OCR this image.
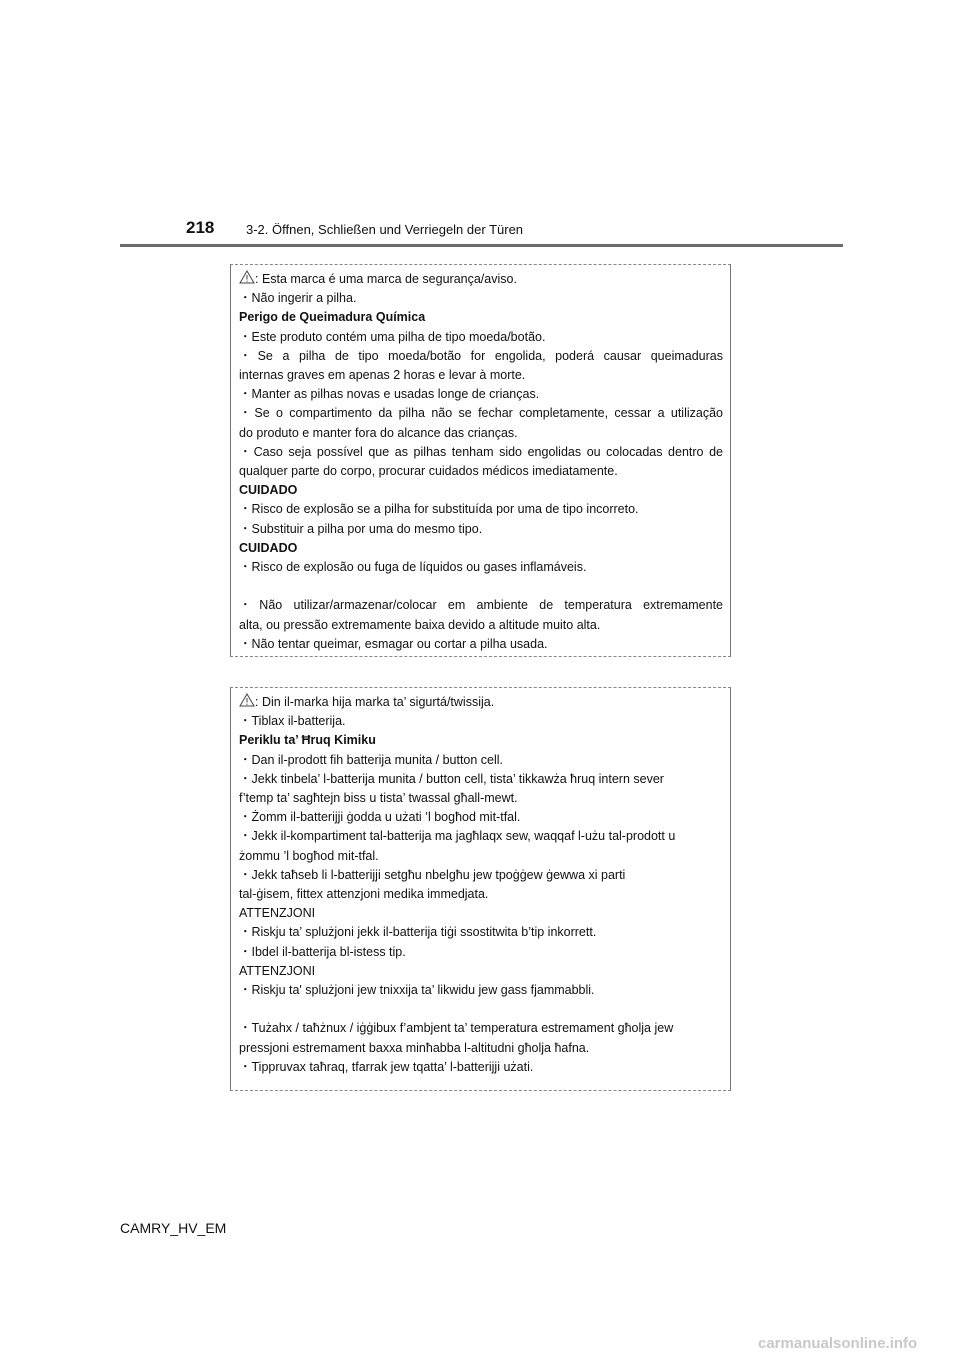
218 3-2. Öffnen, Schließen und Verriegeln der Türen
: Esta marca é uma marca de segurança/aviso.
・Não ingerir a pilha.
Perigo de Queimadura Química
・Este produto contém uma pilha de tipo moeda/botão.
・Se a pilha de tipo moeda/botão for engolida, poderá causar queimaduras
internas graves em apenas 2 horas e levar à morte.
・Manter as pilhas novas e usadas longe de crianças.
・Se o compartimento da pilha não se fechar completamente, cessar a utilização
do produto e manter fora do alcance das crianças.
・Caso seja possível que as pilhas tenham sido engolidas ou colocadas dentro de
qualquer parte do corpo, procurar cuidados médicos imediatamente.
CUIDADO
・Risco de explosão se a pilha for substituída por uma de tipo incorreto.
・Substituir a pilha por uma do mesmo tipo.
CUIDADO
・Risco de explosão ou fuga de líquidos ou gases inflamáveis.
・Não utilizar/armazenar/colocar em ambiente de temperatura extremamente
alta, ou pressão extremamente baixa devido a altitude muito alta.
・Não tentar queimar, esmagar ou cortar a pilha usada.
: Din il-marka hija marka ta’ sigurtá/twissija.
・Tiblax il-batterija.
Periklu ta’ Ħruq Kimiku
・Dan il-prodott fih batterija munita / button cell.
・Jekk tinbela’ l-batterija munita / button cell, tista’ tikkawża ħruq intern sever
f’temp ta’ sagħtejn biss u tista’ twassal għall-mewt.
・Żomm il-batterijji ġodda u użati ’l bogħod mit-tfal.
・Jekk il-kompartiment tal-batterija ma jagħlaqx sew, waqqaf l-użu tal-prodott u
żommu ’l bogħod mit-tfal.
・Jekk taħseb li l-batterijji setgħu nbelgħu jew tpoġġew ġewwa xi parti
tal-ġisem, fittex attenzjoni medika immedjata.
ATTENZJONI
・Riskju ta’ splużjoni jekk il-batterija tiġi ssostitwita b’tip inkorrett.
・Ibdel il-batterija bl-istess tip.
ATTENZJONI
・Riskju ta' splużjoni jew tnixxija ta’ likwidu jew gass fjammabbli.
・Tużahx / taħżnux / iġġibux f’ambjent ta’ temperatura estremament għolja jew
pressjoni estremament baxxa minħabba l-altitudni għolja ħafna.
・Tippruvax taħraq, tfarrak jew tqatta’ l-batterijji użati.
CAMRY_HV_EM
carmanualsonline.info
